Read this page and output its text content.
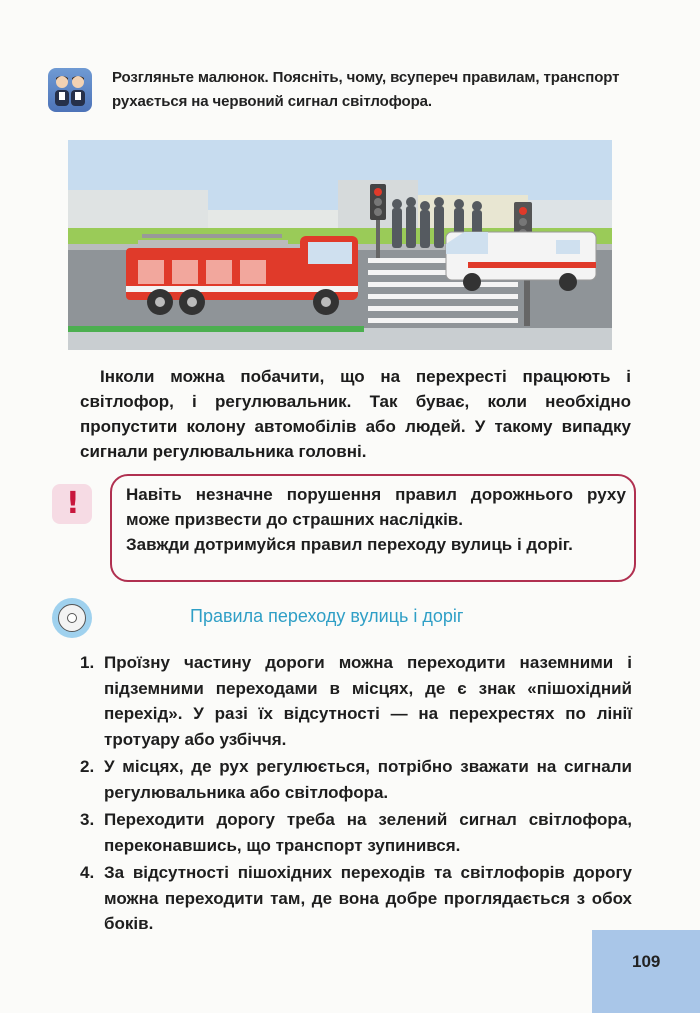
Розгляньте малюнок. Поясніть, чому, всупереч правилам, транспорт рухається на червоний сигнал світлофора.

Інколи можна побачити, що на перехресті працюють і світлофор, і регулювальник. Так буває, коли необхідно пропустити колону автомобілів або людей. У такому випадку сигнали регулювальника головні.

!	Навіть незначне порушення правил дорожнього руху може призвести до страшних наслідків.

Завжди дотримуйся правил переходу вулиць і доріг.

Правила переходу вулиць і доріг
1. Проїзну частину дороги можна переходити наземними і підземними переходами в місцях, де є знак «пішохідний перехід». У разі їх відсутності — на перехрестях по лінії тротуару або узбіччя.
2. У місцях, де рух регулюється, потрібно зважати на сигнали регулювальника або світлофора.
3. Переходити дорогу треба на зелений сигнал світлофора, переконавшись, що транспорт зупинився.
4. За відсутності пішохідних переходів та світлофорів дорогу можна переходити там, де вона добре проглядається з обох боків.
109
